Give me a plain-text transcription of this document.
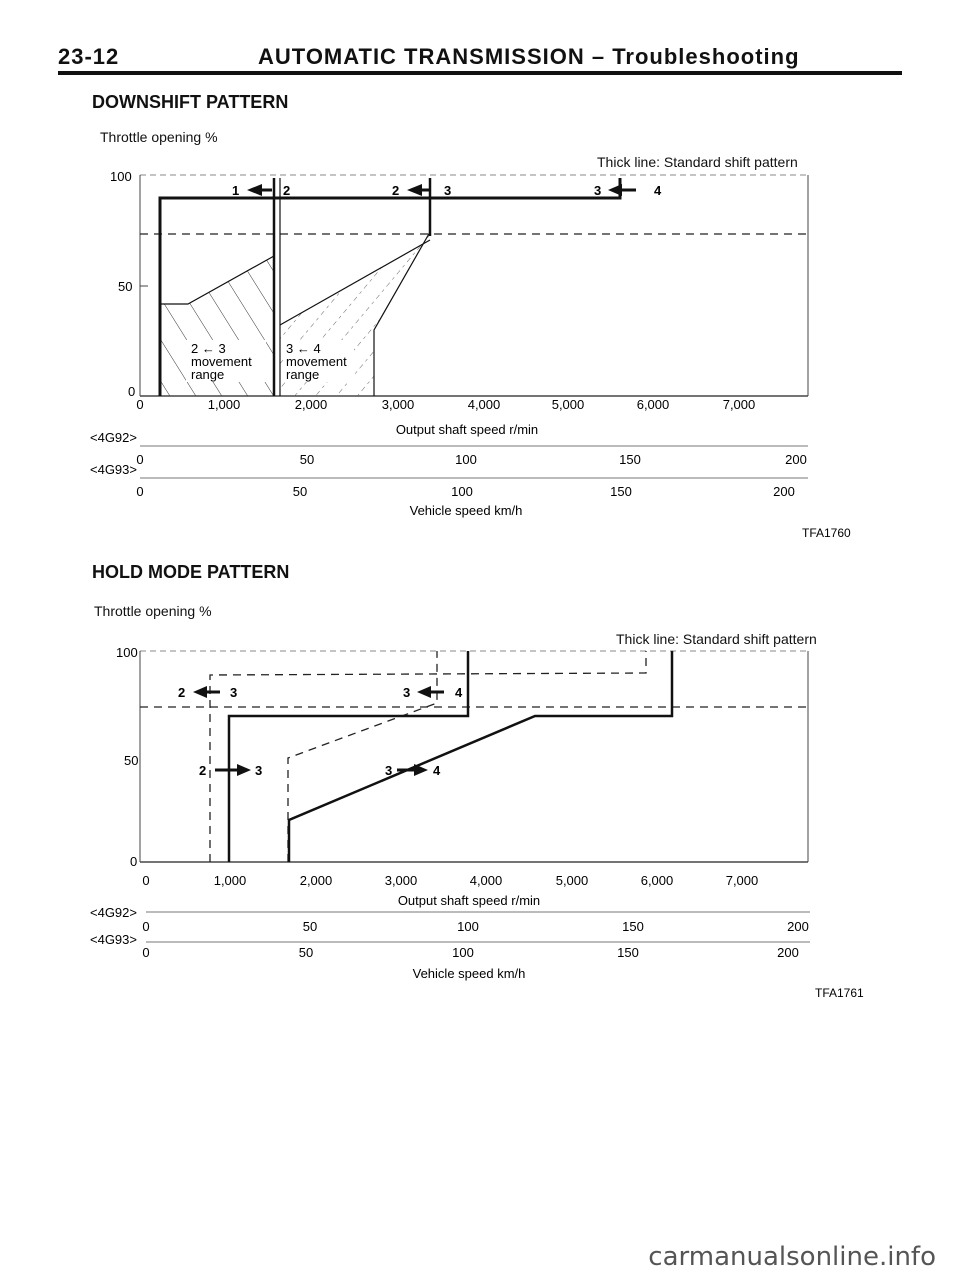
23-12	AUTOMATIC TRANSMISSION – Troubleshooting
DOWNSHIFT PATTERN
Throttle opening %
Thick line: Standard shift pattern
1	2	2	3	3	4
2 ← 3
movement
range
3 ← 4
movement
range
100
50
0
0	1,000	2,000	3,000	4,000	5,000	6,000	7,000
Output shaft speed r/min
<4G92>
0	50	100	150	200
<4G93>
0	50	100	150	200
Vehicle speed km/h
TFA1760
2	3	3	4
2	3	3	4
100
50
0
0	1,000	2,000	3,000	4,000	5,000	6,000	7,000
Output shaft speed r/min
<4G92>
0	50	100	150	200
<4G93>
0	50	100	150	200
Vehicle speed km/h
TFA1761
HOLD MODE PATTERN
Throttle opening %
Thick line: Standard shift pattern
carmanualsonline.info
